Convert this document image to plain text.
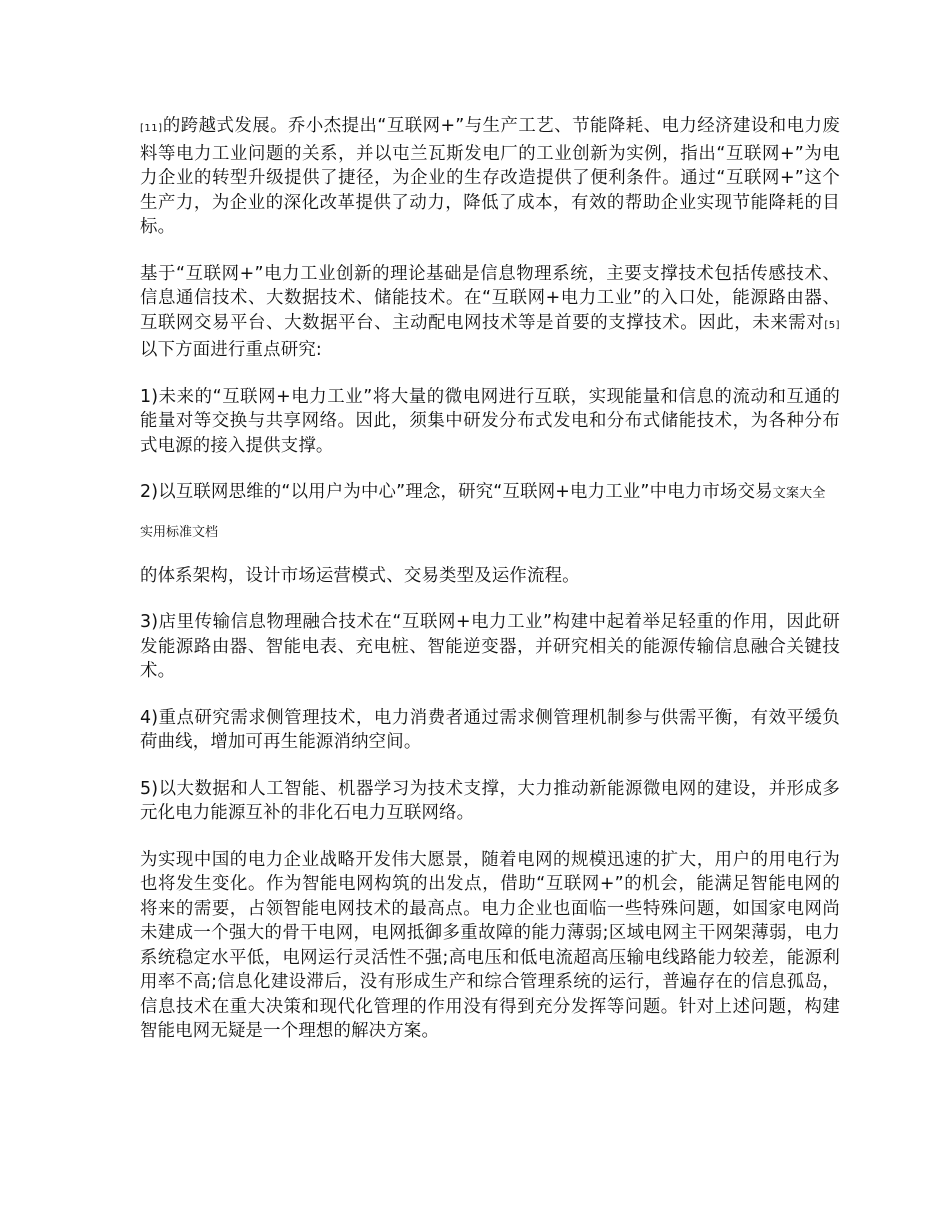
[11]的跨越式发展。乔小杰提出“互联网+”与生产工艺、节能降耗、电力经济建设和电力废料等电力工业问题的关系，并以屯兰瓦斯发电厂的工业创新为实例，指出“互联网+”为电力企业的转型升级提供了捷径，为企业的生存改造提供了便利条件。通过“互联网+”这个生产力，为企业的深化改革提供了动力，降低了成本，有效的帮助企业实现节能降耗的目标。

基于“互联网+”电力工业创新的理论基础是信息物理系统，主要支撑技术包括传感技术、信息通信技术、大数据技术、储能技术。在“互联网+电力工业”的入口处，能源路由器、互联网交易平台、大数据平台、主动配电网技术等是首要的支撑技术。因此，未来需对[5]以下方面进行重点研究:

1)未来的“互联网+电力工业”将大量的微电网进行互联，实现能量和信息的流动和互通的能量对等交换与共享网络。因此，须集中研发分布式发电和分布式储能技术，为各种分布式电源的接入提供支撑。

2)以互联网思维的“以用户为中心”理念，研究“互联网+电力工业”中电力市场交易文案大全

实用标准文档

的体系架构，设计市场运营模式、交易类型及运作流程。

3)店里传输信息物理融合技术在“互联网+电力工业”构建中起着举足轻重的作用，因此研发能源路由器、智能电表、充电桩、智能逆变器，并研究相关的能源传输信息融合关键技术。

4)重点研究需求侧管理技术，电力消费者通过需求侧管理机制参与供需平衡，有效平缓负荷曲线，增加可再生能源消纳空间。

5)以大数据和人工智能、机器学习为技术支撑，大力推动新能源微电网的建设，并形成多元化电力能源互补的非化石电力互联网络。

为实现中国的电力企业战略开发伟大愿景，随着电网的规模迅速的扩大，用户的用电行为也将发生变化。作为智能电网构筑的出发点，借助“互联网+”的机会，能满足智能电网的将来的需要，占领智能电网技术的最高点。电力企业也面临一些特殊问题，如国家电网尚未建成一个强大的骨干电网，电网抵御多重故障的能力薄弱;区域电网主干网架薄弱，电力系统稳定水平低，电网运行灵活性不强;高电压和低电流超高压输电线路能力较差，能源利用率不高;信息化建设滞后，没有形成生产和综合管理系统的运行，普遍存在的信息孤岛，信息技术在重大决策和现代化管理的作用没有得到充分发挥等问题。针对上述问题，构建智能电网无疑是一个理想的解决方案。
